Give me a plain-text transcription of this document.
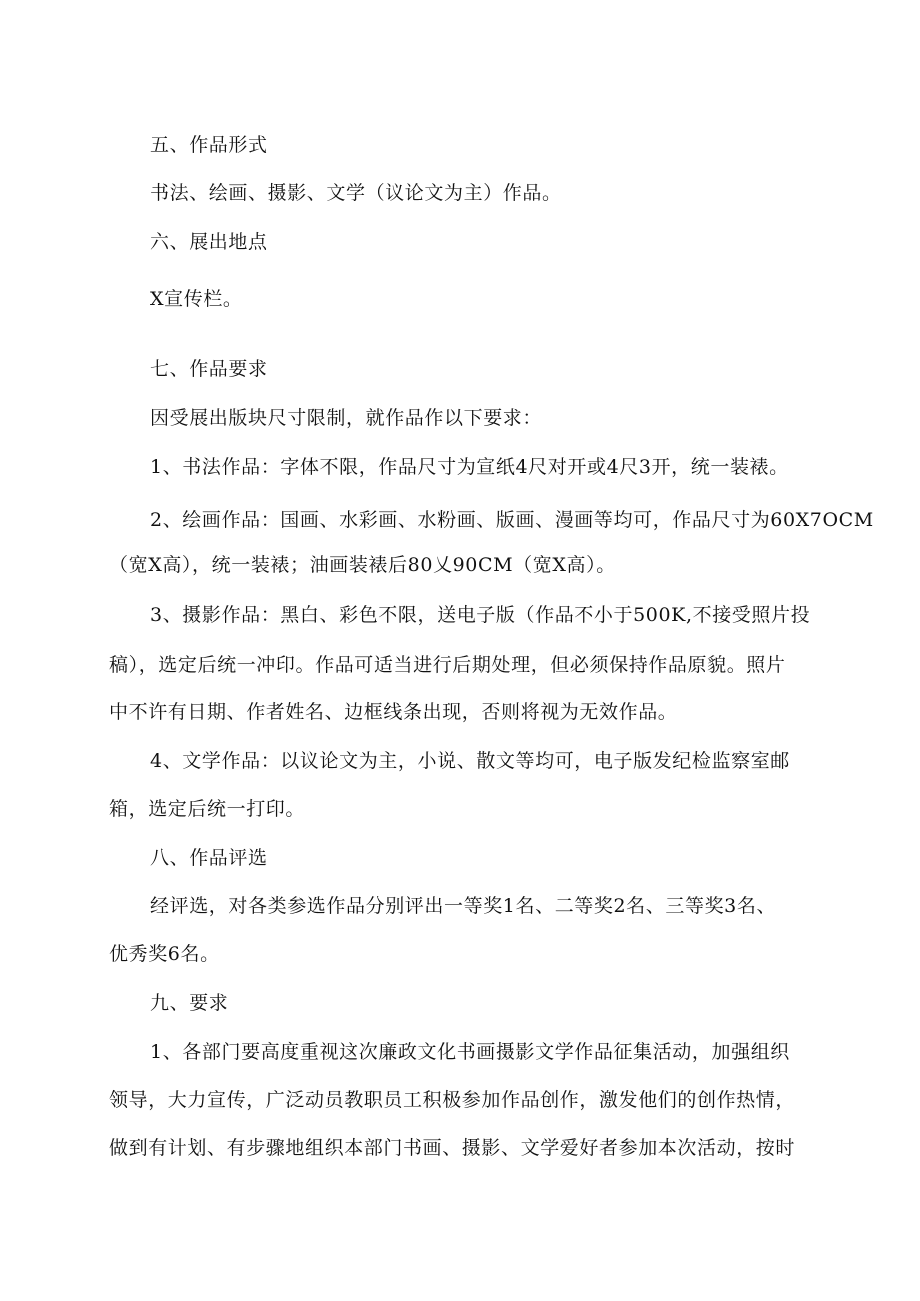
五、作品形式
书法、绘画、摄影、文学（议论文为主）作品。
六、展出地点
X宣传栏。
七、作品要求
因受展出版块尺寸限制，就作品作以下要求：
1、书法作品：字体不限，作品尺寸为宣纸4尺对开或4尺3开，统一装裱。
2、绘画作品：国画、水彩画、水粉画、版画、漫画等均可，作品尺寸为60X7OCM
（宽X高），统一装裱；油画装裱后80乂90CM（宽X高）。
3、摄影作品：黑白、彩色不限，送电子版（作品不小于500K,不接受照片投
稿），选定后统一冲印。作品可适当进行后期处理，但必须保持作品原貌。照片
中不许有日期、作者姓名、边框线条出现，否则将视为无效作品。
4、文学作品：以议论文为主，小说、散文等均可，电子版发纪检监察室邮
箱，选定后统一打印。
八、作品评选
经评选，对各类参选作品分别评出一等奖1名、二等奖2名、三等奖3名、
优秀奖6名。
九、要求
1、各部门要高度重视这次廉政文化书画摄影文学作品征集活动，加强组织
领导，大力宣传，广泛动员教职员工积极参加作品创作，激发他们的创作热情，
做到有计划、有步骤地组织本部门书画、摄影、文学爱好者参加本次活动，按时
